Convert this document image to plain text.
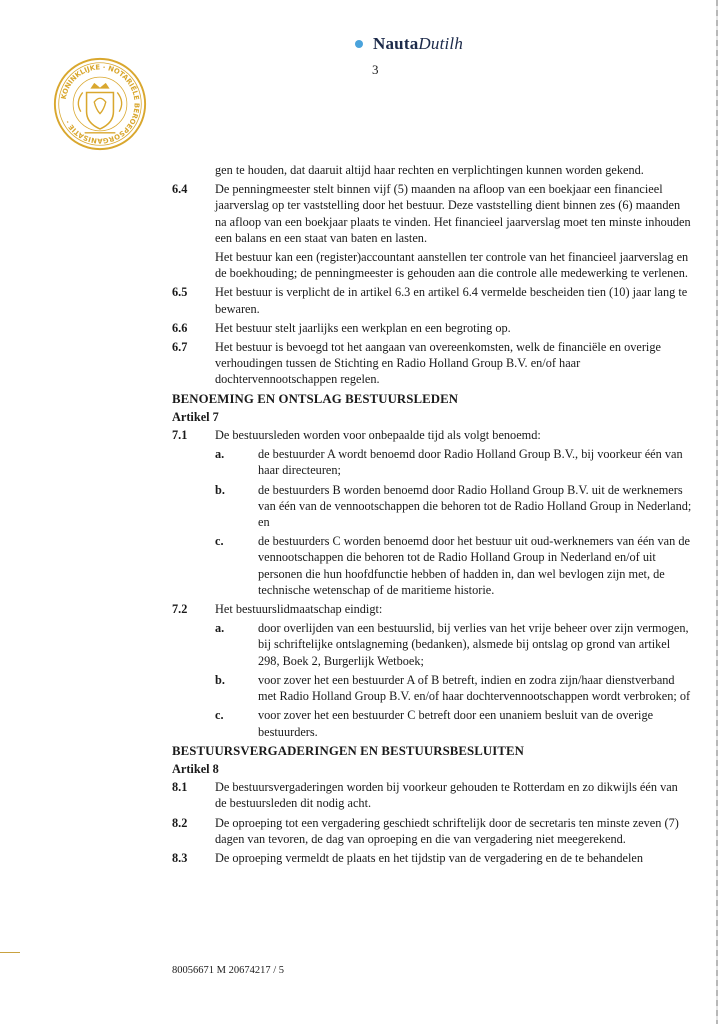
Nauta Dutilh
3
KONINKLIJKE · NOTARIËLE BEROEPSORGANISATIE ·

gen te houden, dat daaruit altijd haar rechten en verplichtingen kunnen worden gekend.

6.4 De penningmeester stelt binnen vijf (5) maanden na afloop van een boekjaar een financieel jaarverslag op ter vaststelling door het bestuur. Deze vaststelling dient binnen zes (6) maanden na afloop van een boekjaar plaats te vinden. Het financieel jaarverslag moet ten minste inhouden een balans en een staat van baten en lasten.

Het bestuur kan een (register)accountant aanstellen ter controle van het financieel jaarverslag en de boekhouding; de penningmeester is gehouden aan die controle alle medewerking te verlenen.

6.5 Het bestuur is verplicht de in artikel 6.3 en artikel 6.4 vermelde bescheiden tien (10) jaar lang te bewaren.
6.6 Het bestuur stelt jaarlijks een werkplan en een begroting op.
6.7 Het bestuur is bevoegd tot het aangaan van overeenkomsten, welk de financiële en overige verhoudingen tussen de Stichting en Radio Holland Group B.V. en/of haar dochtervennootschappen regelen.

BENOEMING EN ONTSLAG BESTUURSLEDEN

Artikel 7

7.1 De bestuursleden worden voor onbepaalde tijd als volgt benoemd:
a.	de bestuurder A wordt benoemd door Radio Holland Group B.V., bij voorkeur één van haar directeuren;
b.	de bestuurders B worden benoemd door Radio Holland Group B.V. uit de werknemers van één van de vennootschappen die behoren tot de Radio Holland Group in Nederland; en
c.	de bestuurders C worden benoemd door het bestuur uit oud-werknemers van één van de vennootschappen die behoren tot de Radio Holland Group in Nederland en/of uit personen die hun hoofdfunctie hebben of hadden in, dan wel bevlogen zijn met, de technische wetenschap of de maritieme historie.
7.2 Het bestuurslidmaatschap eindigt:
a.	door overlijden van een bestuurslid, bij verlies van het vrije beheer over zijn vermogen, bij schriftelijke ontslagneming (bedanken), alsmede bij ontslag op grond van artikel 298, Boek 2, Burgerlijk Wetboek;
b.	voor zover het een bestuurder A of B betreft, indien en zodra zijn/haar dienstverband met Radio Holland Group B.V. en/of haar dochtervennootschappen wordt verbroken; of
c.	voor zover het een bestuurder C betreft door een unaniem besluit van de overige bestuurders.

BESTUURSVERGADERINGEN EN BESTUURSBESLUITEN

Artikel 8

8.1 De bestuursvergaderingen worden bij voorkeur gehouden te Rotterdam en zo dikwijls één van de bestuursleden dit nodig acht.
8.2 De oproeping tot een vergadering geschiedt schriftelijk door de secretaris ten minste zeven (7) dagen van tevoren, de dag van oproeping en die van vergadering niet meegerekend.
8.3 De oproeping vermeldt de plaats en het tijdstip van de vergadering en de te behandelen
80056671 M 20674217 / 5
